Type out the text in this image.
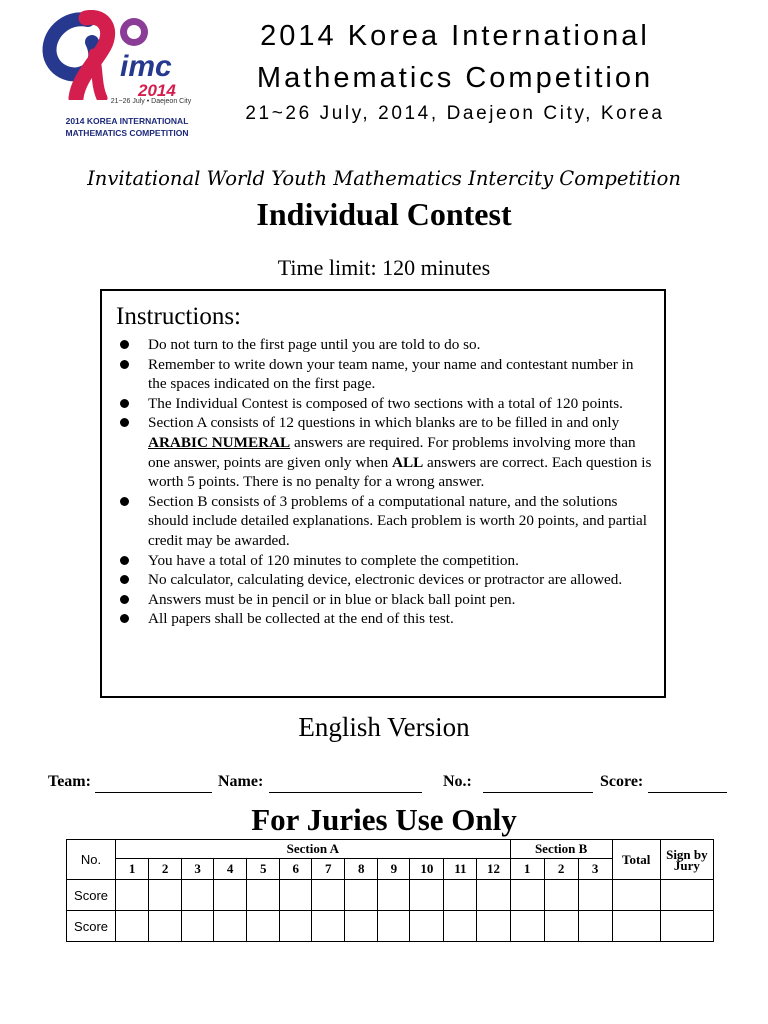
imc
2014
21~26 July • Daejeon City
2014 KOREA INTERNATIONAL
MATHEMATICS COMPETITION
2014 Korea International
Mathematics Competition
21~26 July, 2014, Daejeon City, Korea
Invitational World Youth Mathematics Intercity Competition
Individual Contest
Time limit: 120 minutes
Instructions:
Do not turn to the first page until you are told to do so.
Remember to write down your team name, your name and contestant number in the spaces indicated on the first page.
The Individual Contest is composed of two sections with a total of 120 points.
Section A consists of 12 questions in which blanks are to be filled in and only ARABIC NUMERAL answers are required. For problems involving more than one answer, points are given only when ALL answers are correct. Each question is worth 5 points. There is no penalty for a wrong answer.
Section B consists of 3 problems of a computational nature, and the solutions should include detailed explanations. Each problem is worth 20 points, and partial credit may be awarded.
You have a total of 120 minutes to complete the competition.
No calculator, calculating device, electronic devices or protractor are allowed.
Answers must be in pencil or in blue or black ball point pen.
All papers shall be collected at the end of this test.
English Version
Team:	Name:	No.:	Score:
For Juries Use Only
No.	Section A												Section B			Total	Sign by Jury
	1	2	3	4	5	6	7	8	9	10	11	12	1	2	3		
Score																	
Score																	
